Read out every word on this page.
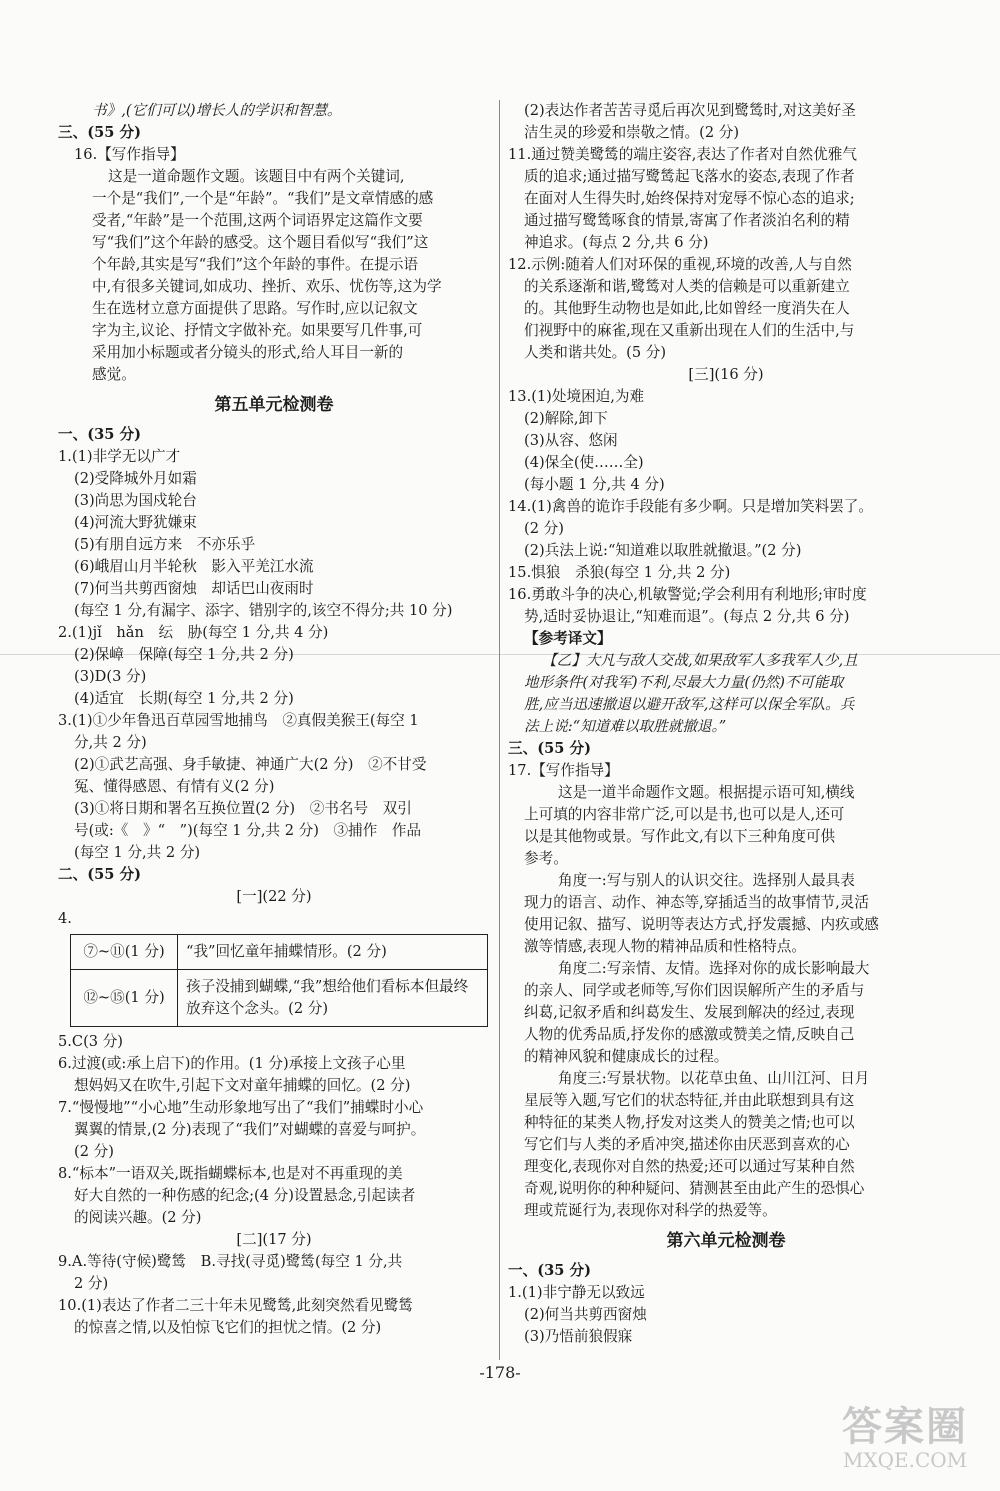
书》,(它们可以)增长人的学识和智慧。
三、(55 分)
16.【写作指导】
这是一道命题作文题。该题目中有两个关键词,
一个是“我们”,一个是“年龄”。“我们”是文章情感的感
受者,“年龄”是一个范围,这两个词语界定这篇作文要
写“我们”这个年龄的感受。这个题目看似写“我们”这
个年龄,其实是写“我们”这个年龄的事件。在提示语
中,有很多关键词,如成功、挫折、欢乐、忧伤等,这为学
生在选材立意方面提供了思路。写作时,应以记叙文
字为主,议论、抒情文字做补充。如果要写几件事,可
采用加小标题或者分镜头的形式,给人耳目一新的
感觉。
第五单元检测卷
一、(35 分)
1.(1)非学无以广才
(2)受降城外月如霜
(3)尚思为国戍轮台
(4)河流大野犹嫌束
(5)有朋自远方来　不亦乐乎
(6)峨眉山月半轮秋　影入平羌江水流
(7)何当共剪西窗烛　却话巴山夜雨时
(每空 1 分,有漏字、添字、错别字的,该空不得分;共 10 分)
2.(1)jǐ　hǎn　纭　胁(每空 1 分,共 4 分)
(2)保嶂　保障(每空 1 分,共 2 分)
(3)D(3 分)
(4)适宜　长期(每空 1 分,共 2 分)
3.(1)①少年鲁迅百草园雪地捕鸟　②真假美猴王(每空 1
分,共 2 分)
(2)①武艺高强、身手敏捷、神通广大(2 分)　②不甘受
冤、懂得感恩、有情有义(2 分)
(3)①将日期和署名互换位置(2 分)　②书名号　双引
号(或:《　》“　”)(每空 1 分,共 2 分)　③捕作　作品
(每空 1 分,共 2 分)
二、(55 分)
[一](22 分)
4.
⑦~⑪(1 分)	“我”回忆童年捕蝶情形。(2 分)
⑫~⑮(1 分)	孩子没捕到蝴蝶,“我”想给他们看标本但最终放弃这个念头。(2 分)
5.C(3 分)
6.过渡(或:承上启下)的作用。(1 分)承接上文孩子心里
想妈妈又在吹牛,引起下文对童年捕蝶的回忆。(2 分)
7.“慢慢地”“小心地”生动形象地写出了“我们”捕蝶时小心
翼翼的情景,(2 分)表现了“我们”对蝴蝶的喜爱与呵护。
(2 分)
8.“标本”一语双关,既指蝴蝶标本,也是对不再重现的美
好大自然的一种伤感的纪念;(4 分)设置悬念,引起读者
的阅读兴趣。(2 分)
[二](17 分)
9.A.等待(守候)鹭鸶　B.寻找(寻觅)鹭鸶(每空 1 分,共
2 分)
10.(1)表达了作者二三十年未见鹭鸶,此刻突然看见鹭鸶
的惊喜之情,以及怕惊飞它们的担忧之情。(2 分)
(2)表达作者苦苦寻觅后再次见到鹭鸶时,对这美好圣
洁生灵的珍爱和崇敬之情。(2 分)
11.通过赞美鹭鸶的端庄姿容,表达了作者对自然优雅气
质的追求;通过描写鹭鸶起飞落水的姿态,表现了作者
在面对人生得失时,始终保持对宠辱不惊心态的追求;
通过描写鹭鸶啄食的情景,寄寓了作者淡泊名利的精
神追求。(每点 2 分,共 6 分)
12.示例:随着人们对环保的重视,环境的改善,人与自然
的关系逐渐和谐,鹭鸶对人类的信赖是可以重新建立
的。其他野生动物也是如此,比如曾经一度消失在人
们视野中的麻雀,现在又重新出现在人们的生活中,与
人类和谐共处。(5 分)
[三](16 分)
13.(1)处境困迫,为难
(2)解除,卸下
(3)从容、悠闲
(4)保全(使……全)
(每小题 1 分,共 4 分)
14.(1)禽兽的诡诈手段能有多少啊。只是增加笑料罢了。
(2 分)
(2)兵法上说:“知道难以取胜就撤退。”(2 分)
15.惧狼　杀狼(每空 1 分,共 2 分)
16.勇敢斗争的决心,机敏警觉;学会利用有利地形;审时度
势,适时妥协退让,“知难而退”。(每点 2 分,共 6 分)
【参考译文】
【乙】大凡与敌人交战,如果敌军人多我军人少,且
地形条件(对我军)不利,尽最大力量(仍然)不可能取
胜,应当迅速撤退以避开敌军,这样可以保全军队。兵
法上说:“知道难以取胜就撤退。”
三、(55 分)
17.【写作指导】
这是一道半命题作文题。根据提示语可知,横线
上可填的内容非常广泛,可以是书,也可以是人,还可
以是其他物或景。写作此文,有以下三种角度可供
参考。
角度一:写与别人的认识交往。选择别人最具表
现力的语言、动作、神态等,穿插适当的故事情节,灵活
使用记叙、描写、说明等表达方式,抒发震撼、内疚或感
激等情感,表现人物的精神品质和性格特点。
角度二:写亲情、友情。选择对你的成长影响最大
的亲人、同学或老师等,写你们因误解所产生的矛盾与
纠葛,记叙矛盾和纠葛发生、发展到解决的经过,表现
人物的优秀品质,抒发你的感激或赞美之情,反映自己
的精神风貌和健康成长的过程。
角度三:写景状物。以花草虫鱼、山川江河、日月
星辰等入题,写它们的状态特征,并由此联想到具有这
种特征的某类人物,抒发对这类人的赞美之情;也可以
写它们与人类的矛盾冲突,描述你由厌恶到喜欢的心
理变化,表现你对自然的热爱;还可以通过写某种自然
奇观,说明你的种种疑问、猜测甚至由此产生的恐惧心
理或荒诞行为,表现你对科学的热爱等。
第六单元检测卷
一、(35 分)
1.(1)非宁静无以致远
(2)何当共剪西窗烛
(3)乃悟前狼假寐
-178-
答案圈
MXQE.COM
